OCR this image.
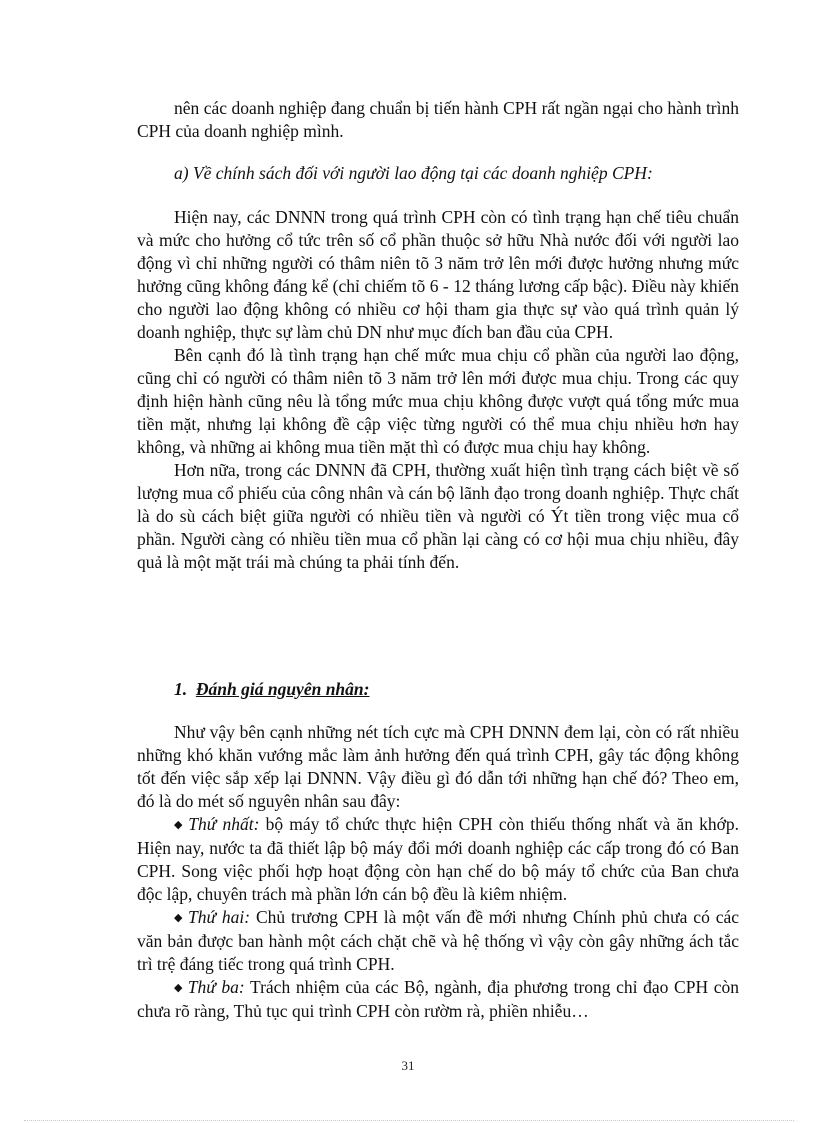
nên các doanh nghiệp đang chuẩn bị tiến hành CPH rất ngần ngại cho hành trình CPH của doanh nghiệp mình.

a) Về chính sách đối với người lao động tại các doanh nghiệp CPH:

Hiện nay, các DNNN trong quá trình CPH còn có tình trạng hạn chế tiêu chuẩn và mức cho hưởng cổ tức trên số cổ phần thuộc sở hữu Nhà nước đối với người lao động vì chỉ những người có thâm niên tõ 3 năm trở lên mới được hưởng nhưng mức hưởng cũng không đáng kể (chỉ chiếm tõ 6 - 12 tháng lương cấp bậc). Điều này khiến cho người lao động không có nhiều cơ hội tham gia thực sự vào quá trình quản lý doanh nghiệp, thực sự làm chủ DN như mục đích ban đầu của CPH.

Bên cạnh đó là tình trạng hạn chế mức mua chịu cổ phần của người lao động, cũng chỉ có người có thâm niên tõ 3 năm trở lên mới được mua chịu. Trong các quy định hiện hành cũng nêu là tổng mức mua chịu không được vượt quá tổng mức mua tiền mặt, nhưng lại không đề cập việc từng người có thể mua chịu nhiều hơn hay không, và những ai không mua tiền mặt thì có được mua chịu hay không.

Hơn nữa, trong các DNNN đã CPH, thường xuất hiện tình trạng cách biệt về số lượng mua cổ phiếu của công nhân và cán bộ lãnh đạo trong doanh nghiệp. Thực chất là do sù cách biệt giữa người có nhiều tiền và người có Ýt tiền trong việc mua cổ phần. Người càng có nhiều tiền mua cổ phần lại càng có cơ hội mua chịu nhiều, đây quả là một mặt trái mà chúng ta phải tính đến.

1. Đánh giá nguyên nhân:

Như vậy bên cạnh những nét tích cực mà CPH DNNN đem lại, còn có rất nhiều những khó khăn vướng mắc làm ảnh hưởng đến quá trình CPH, gây tác động không tốt đến việc sắp xếp lại DNNN. Vậy điều gì đó dẫn tới những hạn chế đó? Theo em, đó là do mét số nguyên nhân sau đây:

◆ Thứ nhất: bộ máy tổ chức thực hiện CPH còn thiếu thống nhất và ăn khớp. Hiện nay, nước ta đã thiết lập bộ máy đổi mới doanh nghiệp các cấp trong đó có Ban CPH. Song việc phối hợp hoạt động còn hạn chế do bộ máy tổ chức của Ban chưa độc lập, chuyên trách mà phần lớn cán bộ đều là kiêm nhiệm.

◆ Thứ hai: Chủ trương CPH là một vấn đề mới nhưng Chính phủ chưa có các văn bản được ban hành một cách chặt chẽ và hệ thống vì vậy còn gây những ách tắc trì trệ đáng tiếc trong quá trình CPH.

◆ Thứ ba: Trách nhiệm của các Bộ, ngành, địa phương trong chỉ đạo CPH còn chưa rõ ràng, Thủ tục qui trình CPH còn rườm rà, phiền nhiễu…

31
